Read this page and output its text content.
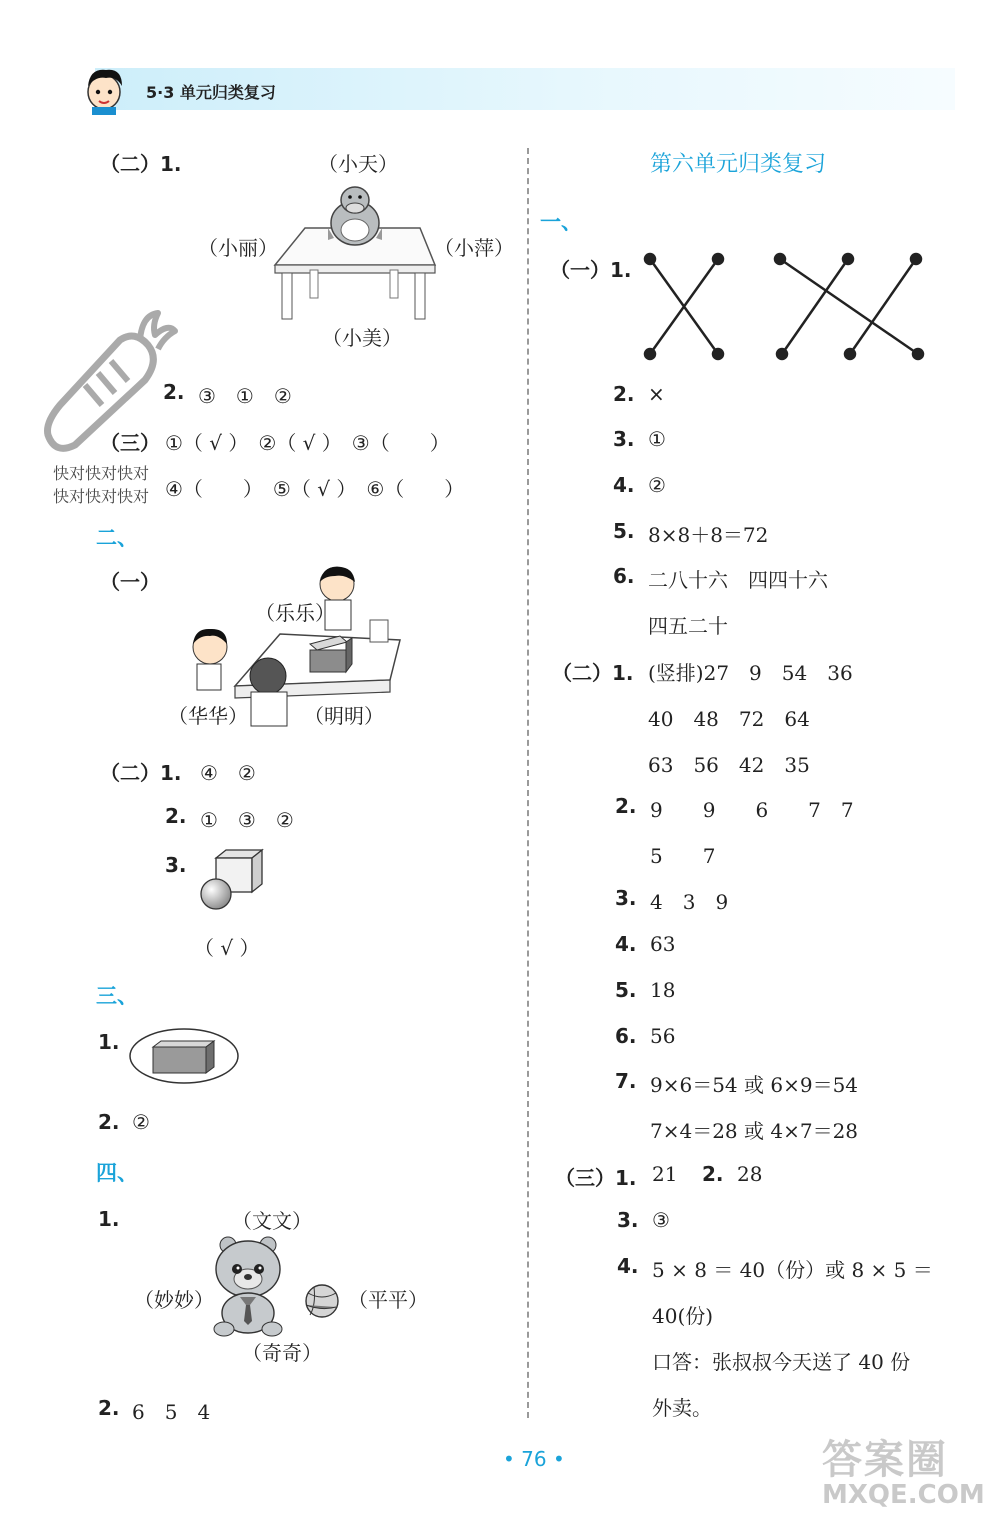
5·3 单元归类复习
（二）1.	（小天）
（小丽）	（小萍）
（小美）
2. ③　①　②
（三） ①（ √ ）　②（ √ ）　③（　　）
④（　　）　⑤（ √ ）　⑥（　　）
快对快对快对
快对快对快对
二、
（一）
（乐乐）
（华华）	（明明）
（二）1. ④　②
2. ①　③　②
3.
（ √ ）
三、
1.
2. ②
四、
1.	（文文）
（妙妙）	（平平）
（奇奇）
2. 6　5　4
第六单元归类复习
一、
（一）1.
2. ×
3. ①
4. ②
5. 8×8＋8＝72
6. 二八十六　四四十六
四五二十
（二）1. (竖排)27　9　54　36
40　48　72　64
63　56　42　35
2. 9　　9　　6　　7　7
5　　7
3. 4　3　9
4. 63
5. 18
6. 56
7. 9×6＝54 或 6×9＝54
7×4＝28 或 4×7＝28
（三）1. 21 2. 28
3. ③
4. 5 × 8 ＝ 40（份）或 8 × 5 ＝
40(份)
口答：张叔叔今天送了 40 份
外卖。
• 76 •	答案圈
MXQE.COM
